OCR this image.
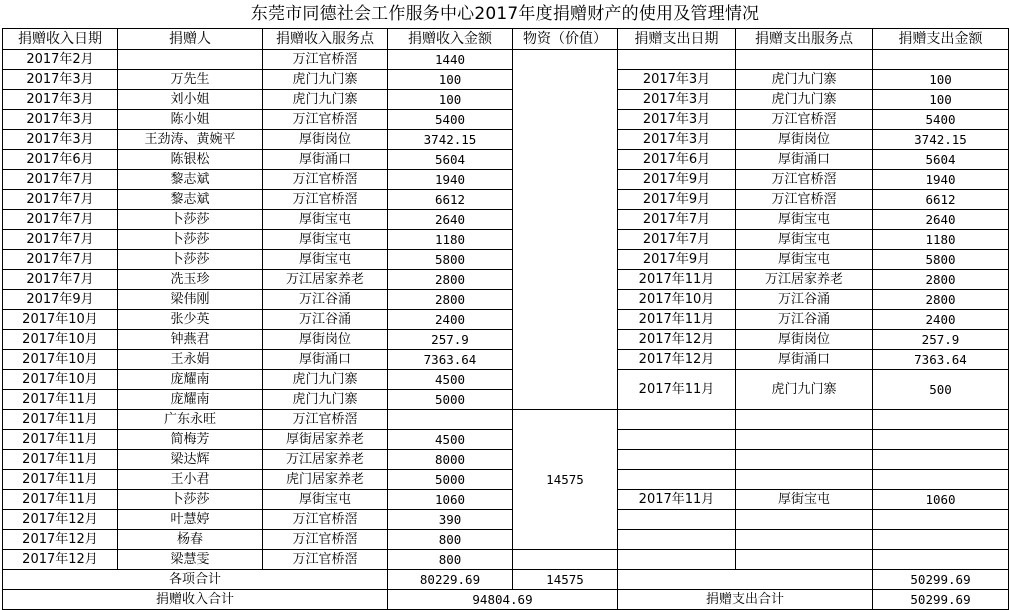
东莞市同德社会工作服务中心2017年度捐赠财产的使用及管理情况
捐赠收入日期	捐赠人	捐赠收入服务点	捐赠收入金额	物资（价值）	捐赠支出日期	捐赠支出服务点	捐赠支出金额
2017年2月		万江官桥滘	1440				
2017年3月	万先生	虎门九门寨	100		2017年3月	虎门九门寨	100
2017年3月	刘小姐	虎门九门寨	100		2017年3月	虎门九门寨	100
2017年3月	陈小姐	万江官桥滘	5400		2017年3月	万江官桥滘	5400
2017年3月	王劲涛、黄婉平	厚街岗位	3742.15		2017年3月	厚街岗位	3742.15
2017年6月	陈银松	厚街涌口	5604		2017年6月	厚街涌口	5604
2017年7月	黎志斌	万江官桥滘	1940		2017年9月	万江官桥滘	1940
2017年7月	黎志斌	万江官桥滘	6612		2017年9月	万江官桥滘	6612
2017年7月	卜莎莎	厚街宝屯	2640		2017年7月	厚街宝屯	2640
2017年7月	卜莎莎	厚街宝屯	1180		2017年7月	厚街宝屯	1180
2017年7月	卜莎莎	厚街宝屯	5800		2017年9月	厚街宝屯	5800
2017年7月	冼玉珍	万江居家养老	2800		2017年11月	万江居家养老	2800
2017年9月	梁伟刚	万江谷涌	2800		2017年10月	万江谷涌	2800
2017年10月	张少英	万江谷涌	2400		2017年11月	万江谷涌	2400
2017年10月	钟燕君	厚街岗位	257.9		2017年12月	厚街岗位	257.9
2017年10月	王永娟	厚街涌口	7363.64		2017年12月	厚街涌口	7363.64
2017年10月	庞耀南	虎门九门寨	4500		2017年11月	虎门九门寨	500
2017年11月	庞耀南	虎门九门寨	5000				
2017年11月	广东永旺	万江官桥滘		14575			
2017年11月	简梅芳	厚街居家养老	4500				
2017年11月	梁达辉	万江居家养老	8000				
2017年11月	王小君	虎门居家养老	5000				
2017年11月	卜莎莎	厚街宝屯	1060		2017年11月	厚街宝屯	1060
2017年12月	叶慧婷	万江官桥滘	390				
2017年12月	杨春	万江官桥滘	800				
2017年12月	梁慧雯	万江官桥滘	800				
各项合计			80229.69	14575			50299.69
捐赠收入合计			94804.69		捐赠支出合计		50299.69
